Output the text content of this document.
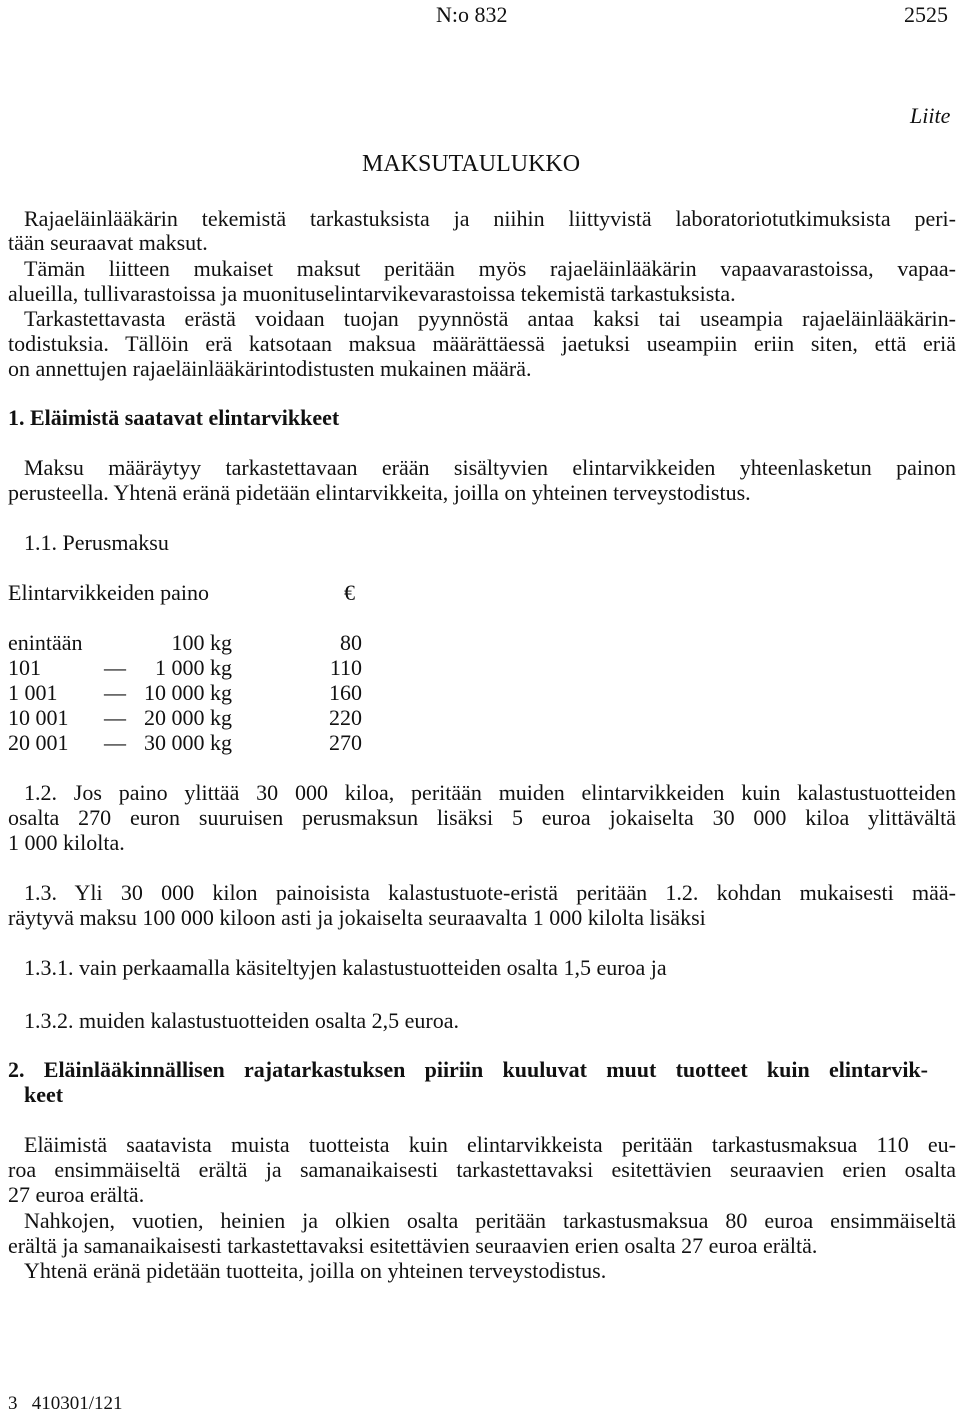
N:o 832	2525
Liite
MAKSUTAULUKKO
Rajaeläinlääkärin tekemistä tarkastuksista ja niihin liittyvistä laboratoriotutkimuksista peri-
tään seuraavat maksut.
Tämän liitteen mukaiset maksut peritään myös rajaeläinlääkärin vapaavarastoissa, vapaa-
alueilla, tullivarastoissa ja muonituselintarvikevarastoissa tekemistä tarkastuksista.
Tarkastettavasta erästä voidaan tuojan pyynnöstä antaa kaksi tai useampia rajaeläinlääkärin-
todistuksia. Tällöin erä katsotaan maksua määrättäessä jaetuksi useampiin eriin siten, että eriä
on annettujen rajaeläinlääkärintodistusten mukainen määrä.
1. Eläimistä saatavat elintarvikkeet
Maksu määräytyy tarkastettavaan erään sisältyvien elintarvikkeiden yhteenlasketun painon
perusteella. Yhtenä eränä pidetään elintarvikkeita, joilla on yhteinen terveystodistus.
1.1. Perusmaksu
Elintarvikkeiden paino	€
enintään	100 kg	80
101	—	1 000 kg	110
1 001 — 10 000 kg	160
10 001 — 20 000 kg	220
20 001 — 30 000 kg	270
1.2. Jos paino ylittää 30 000 kiloa, peritään muiden elintarvikkeiden kuin kalastustuotteiden
osalta 270 euron suuruisen perusmaksun lisäksi 5 euroa jokaiselta 30 000 kiloa ylittävältä
1 000 kilolta.
1.3. Yli 30 000 kilon painoisista kalastustuote-eristä peritään 1.2. kohdan mukaisesti mää-
räytyvä maksu 100 000 kiloon asti ja jokaiselta seuraavalta 1 000 kilolta lisäksi
1.3.1. vain perkaamalla käsiteltyjen kalastustuotteiden osalta 1,5 euroa ja
1.3.2. muiden kalastustuotteiden osalta 2,5 euroa.
2. Eläinlääkinnällisen rajatarkastuksen piiriin kuuluvat muut tuotteet kuin elintarvik-
keet
Eläimistä saatavista muista tuotteista kuin elintarvikkeista peritään tarkastusmaksua 110 eu-
roa ensimmäiseltä erältä ja samanaikaisesti tarkastettavaksi esitettävien seuraavien erien osalta
27 euroa erältä.
Nahkojen, vuotien, heinien ja olkien osalta peritään tarkastusmaksua 80 euroa ensimmäiseltä
erältä ja samanaikaisesti tarkastettavaksi esitettävien seuraavien erien osalta 27 euroa erältä.
Yhtenä eränä pidetään tuotteita, joilla on yhteinen terveystodistus.
3   410301/121
